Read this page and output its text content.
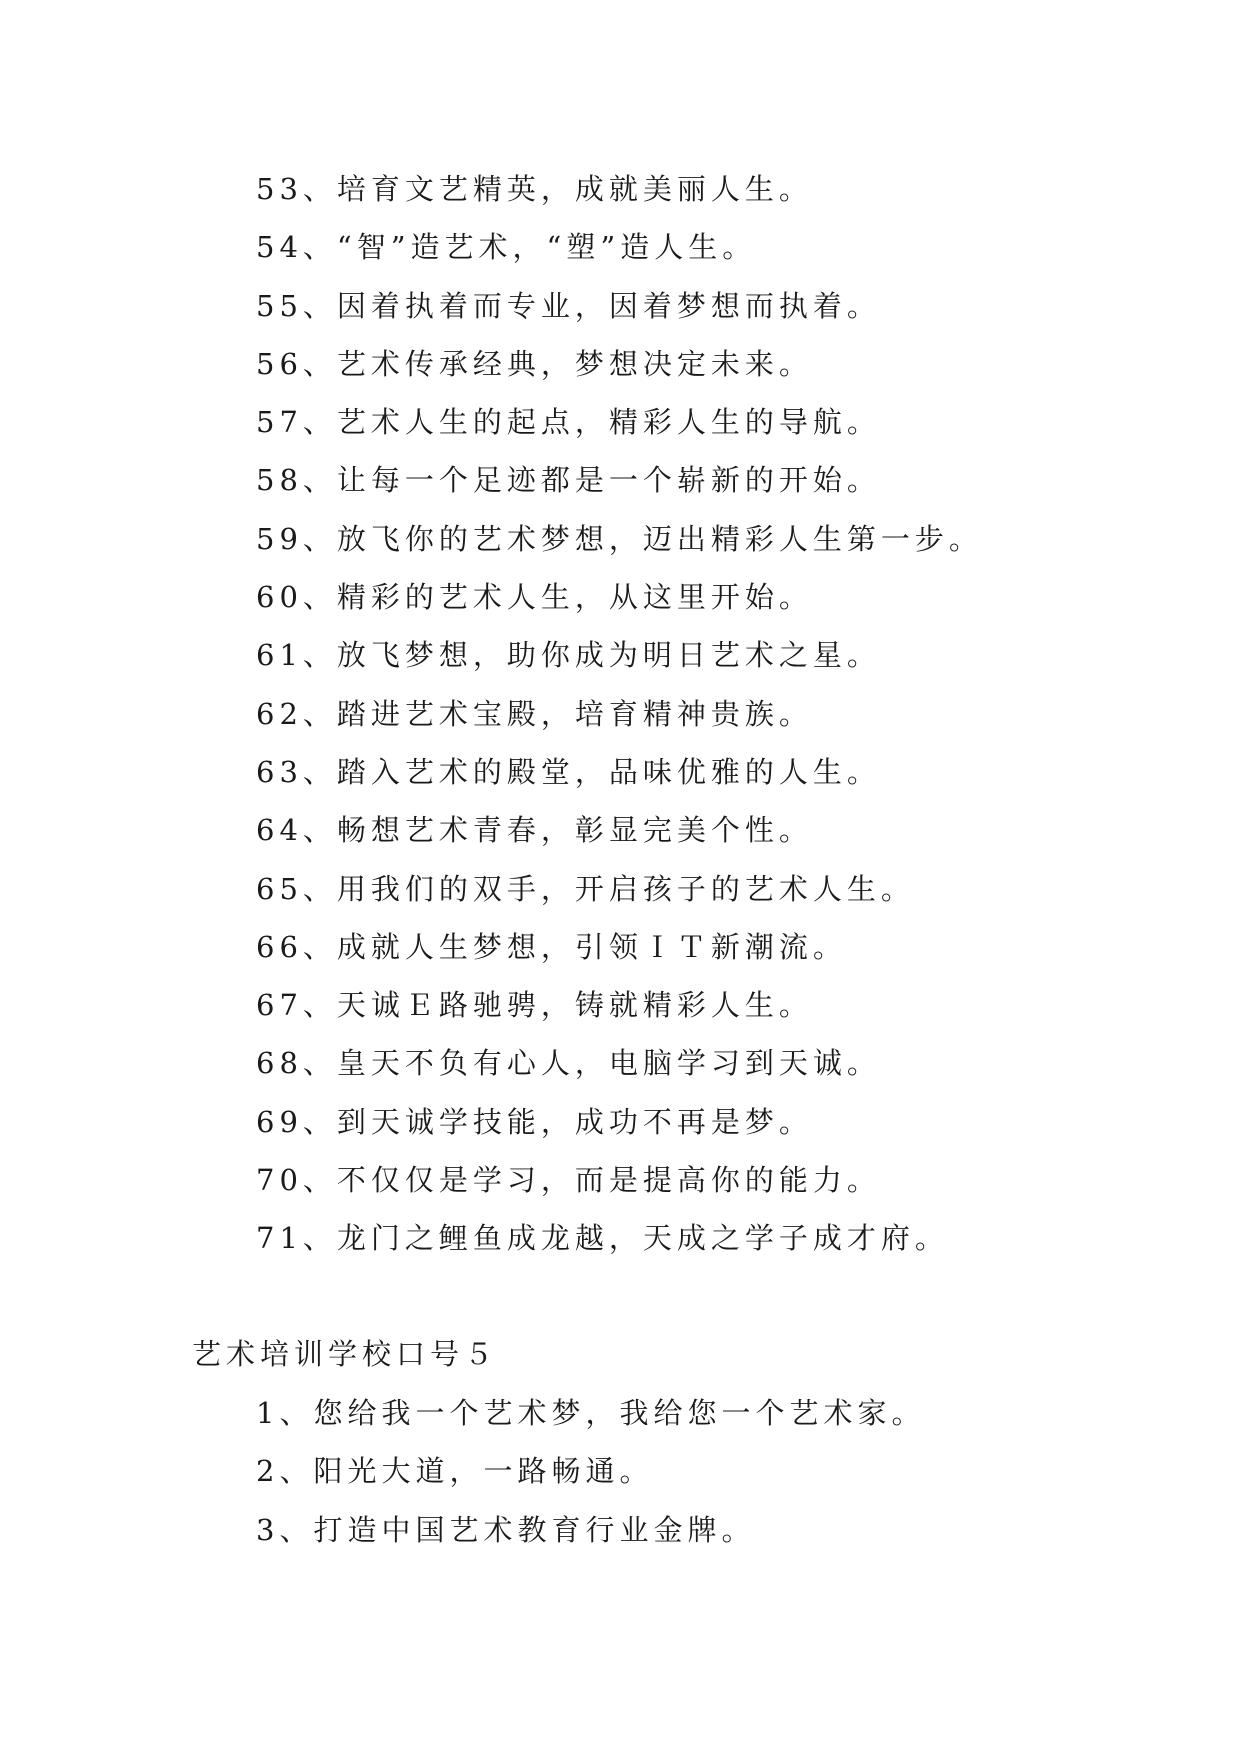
53、培育文艺精英，成就美丽人生。
54、“智”造艺术，“塑”造人生。
55、因着执着而专业，因着梦想而执着。
56、艺术传承经典，梦想决定未来。
57、艺术人生的起点，精彩人生的导航。
58、让每一个足迹都是一个崭新的开始。
59、放飞你的艺术梦想，迈出精彩人生第一步。
60、精彩的艺术人生，从这里开始。
61、放飞梦想，助你成为明日艺术之星。
62、踏进艺术宝殿，培育精神贵族。
63、踏入艺术的殿堂，品味优雅的人生。
64、畅想艺术青春，彰显完美个性。
65、用我们的双手，开启孩子的艺术人生。
66、成就人生梦想，引领ＩＴ新潮流。
67、天诚Ｅ路驰骋，铸就精彩人生。
68、皇天不负有心人，电脑学习到天诚。
69、到天诚学技能，成功不再是梦。
70、不仅仅是学习，而是提高你的能力。
71、龙门之鲤鱼成龙越，天成之学子成才府。
艺术培训学校口号５
1、您给我一个艺术梦，我给您一个艺术家。
2、阳光大道，一路畅通。
3、打造中国艺术教育行业金牌。
